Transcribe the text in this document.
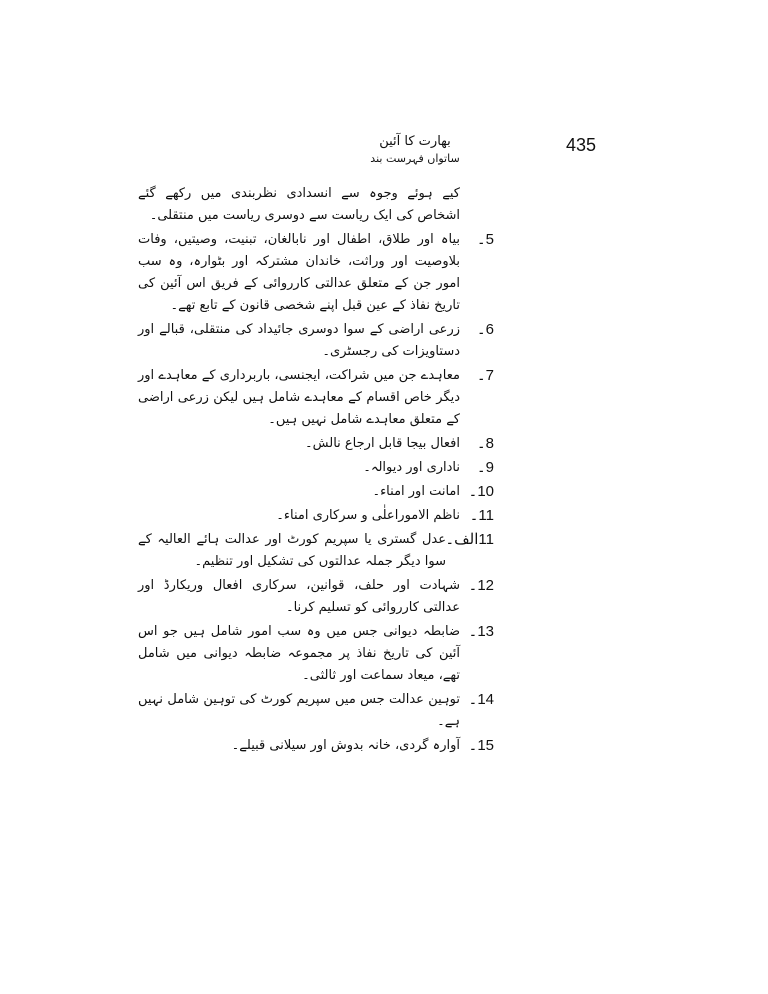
435
بھارت کا آئین
ساتواں فہرست بند
کیے ہوئے وجوہ سے انسدادی نظربندی میں رکھے گئے اشخاص کی ایک ریاست سے دوسری ریاست میں منتقلی۔
5۔
بیاہ اور طلاق، اطفال اور نابالغان، تبنیت، وصیتیں، وفات بلاوصیت اور وراثت، خاندان مشترکہ اور بٹوارہ، وہ سب امور جن کے متعلق عدالتی کارروائی کے فریق اس آئین کی تاریخ نفاذ کے عین قبل اپنے شخصی قانون کے تابع تھے۔
6۔
زرعی اراضی کے سوا دوسری جائیداد کی منتقلی، قبالے اور دستاویزات کی رجسٹری۔
7۔
معاہدے جن میں شراکت، ایجنسی، باربرداری کے معاہدے اور دیگر خاص اقسام کے معاہدے شامل ہیں لیکن زرعی اراضی کے متعلق معاہدے شامل نہیں ہیں۔
8۔
افعال بیجا قابل ارجاع نالش۔
9۔
ناداری اور دیوالہ۔
10۔
امانت اور امناء۔
11۔
ناظم الاموراعلٰی و سرکاری امناء۔
11الف۔
عدل گستری یا سپریم کورٹ اور عدالت ہائے العالیہ کے سوا دیگر جملہ عدالتوں کی تشکیل اور تنظیم۔
12۔
شہادت اور حلف، قوانین، سرکاری افعال وریکارڈ اور عدالتی کارروائی کو تسلیم کرنا۔
13۔
ضابطہ دیوانی جس میں وہ سب امور شامل ہیں جو اس آئین کی تاریخ نفاذ پر مجموعہ ضابطہ دیوانی میں شامل تھے، میعاد سماعت اور ثالثی۔
14۔
توہین عدالت جس میں سپریم کورٹ کی توہین شامل نہیں ہے۔
15۔
آوارہ گردی، خانہ بدوش اور سیلانی قبیلے۔
